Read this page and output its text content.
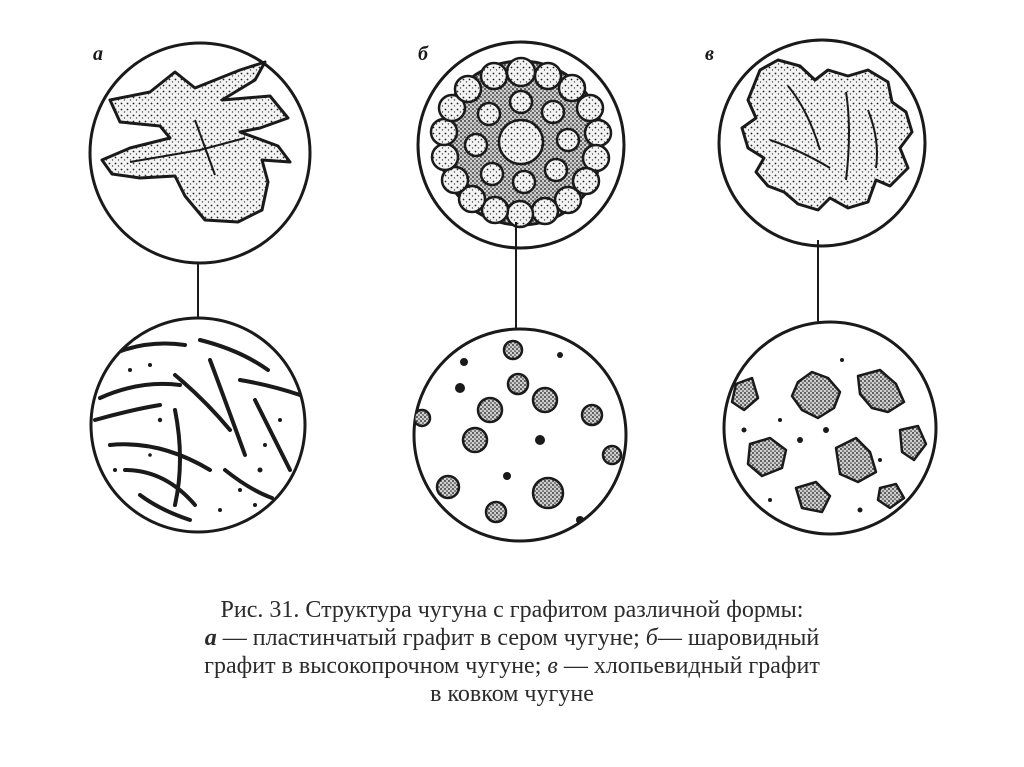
а	б	в
Рис. 31. Структура чугуна с графитом различной формы:
а — пластинчатый графит в сером чугуне; б— шаровидный
графит в высокопрочном чугуне; в — хлопьевидный графит
в ковком чугуне
